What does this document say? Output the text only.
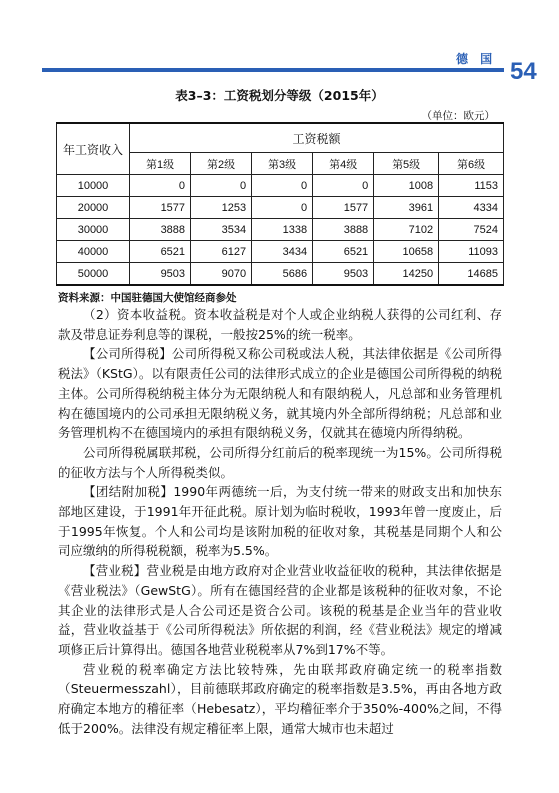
德 国 54
表3–3：工资税划分等级（2015年）
（单位：欧元）
年工资收入	工资税额					
	第1级	第2级	第3级	第4级	第5级	第6级
10000	0	0	0	0	1008	1153
20000	1577	1253	0	1577	3961	4334
30000	3888	3534	1338	3888	7102	7524
40000	6521	6127	3434	6521	10658	11093
50000	9503	9070	5686	9503	14250	14685
资料来源：中国驻德国大使馆经商参处

（2）资本收益税。资本收益税是对个人或企业纳税人获得的公司红利、存款及带息证券利息等的课税，一般按25%的统一税率。

【公司所得税】公司所得税又称公司税或法人税，其法律依据是《公司所得税法》（KStG）。以有限责任公司的法律形式成立的企业是德国公司所得税的纳税主体。公司所得税纳税主体分为无限纳税人和有限纳税人，凡总部和业务管理机构在德国境内的公司承担无限纳税义务，就其境内外全部所得纳税；凡总部和业务管理机构不在德国境内的承担有限纳税义务，仅就其在德境内所得纳税。

公司所得税属联邦税，公司所得分红前后的税率现统一为15%。公司所得税的征收方法与个人所得税类似。

【团结附加税】1990年两德统一后，为支付统一带来的财政支出和加快东部地区建设，于1991年开征此税。原计划为临时税收，1993年曾一度废止，后于1995年恢复。个人和公司均是该附加税的征收对象，其税基是同期个人和公司应缴纳的所得税税额，税率为5.5%。

【营业税】营业税是由地方政府对企业营业收益征收的税种，其法律依据是《营业税法》（GewStG）。所有在德国经营的企业都是该税种的征收对象，不论其企业的法律形式是人合公司还是资合公司。该税的税基是企业当年的营业收益，营业收益基于《公司所得税法》所依据的利润，经《营业税法》规定的增减项修正后计算得出。德国各地营业税税率从7%到17%不等。

营业税的税率确定方法比较特殊，先由联邦政府确定统一的税率指数（Steuermesszahl），目前德联邦政府确定的税率指数是3.5%，再由各地方政府确定本地方的稽征率（Hebesatz），平均稽征率介于350%-400%之间，不得低于200%。法律没有规定稽征率上限，通常大城市也未超过
